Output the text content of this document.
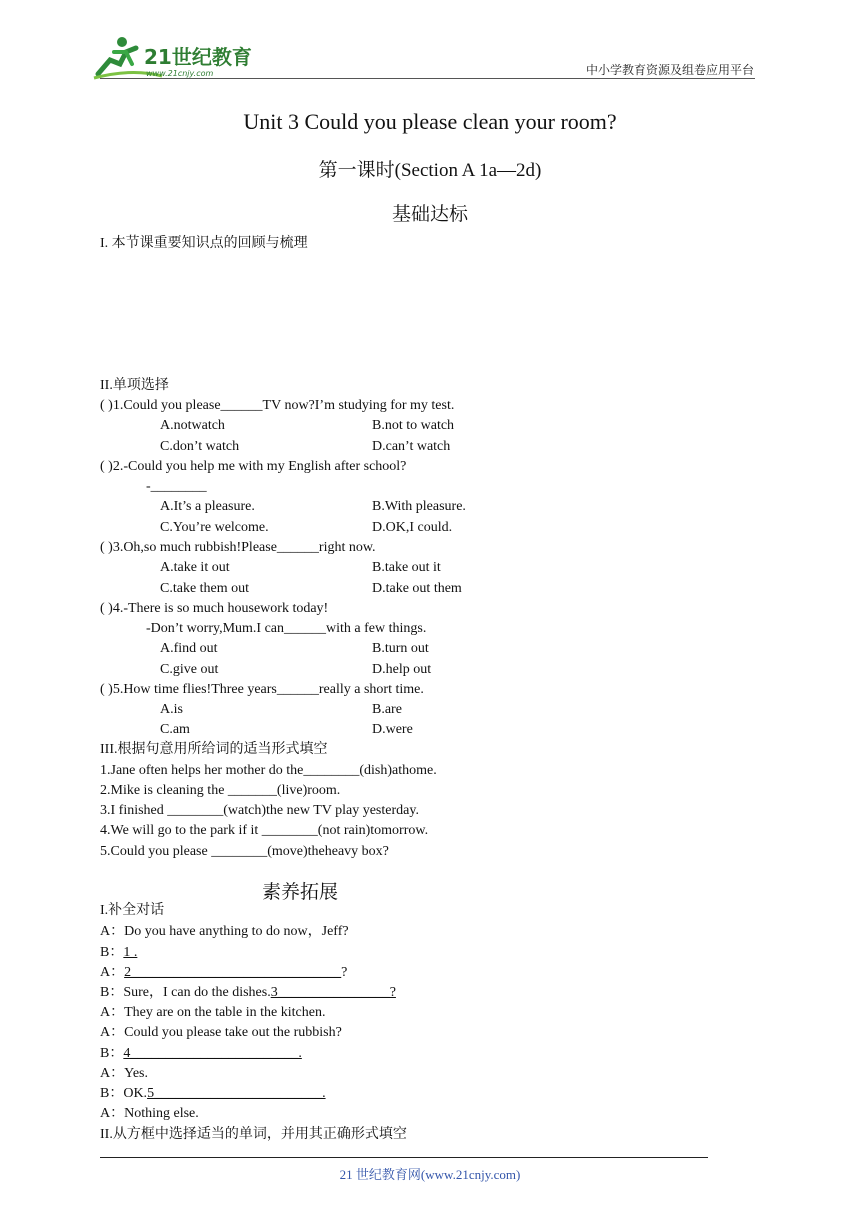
21世纪教育
www.21cnjy.com	中小学教育资源及组卷应用平台
Unit 3 Could you please clean your room?
第一课时(Section A 1a—2d)
基础达标
I. 本节课重要知识点的回顾与梳理
II.单项选择
( )1.Could you please______TV now?I’m studying for my test.
A.notwatch	B.not to watch
C.don’t watch	D.can’t watch
( )2.-Could you help me with my English after school?
-________
A.It’s a pleasure.	B.With pleasure.
C.You’re welcome.	D.OK,I could.
( )3.Oh,so much rubbish!Please______right now.
A.take it out	B.take out it
C.take them out	D.take out them
( )4.-There is so much housework today!
-Don’t worry,Mum.I can______with a few things.
A.find out	B.turn out
C.give out	D.help out
( )5.How time flies!Three years______really a short time.
A.is	B.are
C.am	D.were
III.根据句意用所给词的适当形式填空
1.Jane often helps her mother do the________(dish)athome.
2.Mike is cleaning the _______(live)room.
3.I finished ________(watch)the new TV play yesterday.
4.We will go to the park if it ________(not rain)tomorrow.
5.Could you please ________(move)theheavy box?
素养拓展
I.补全对话
A：Do you have anything to do now，Jeff?
B：1 .
A：2______________________________?
B：Sure，I can do the dishes.3________________?
A：They are on the table in the kitchen.
A：Could you please take out the rubbish?
B：4________________________.
A：Yes.
B：OK.5________________________.
A：Nothing else.
II.从方框中选择适当的单词，并用其正确形式填空
21 世纪教育网(www.21cnjy.com)
